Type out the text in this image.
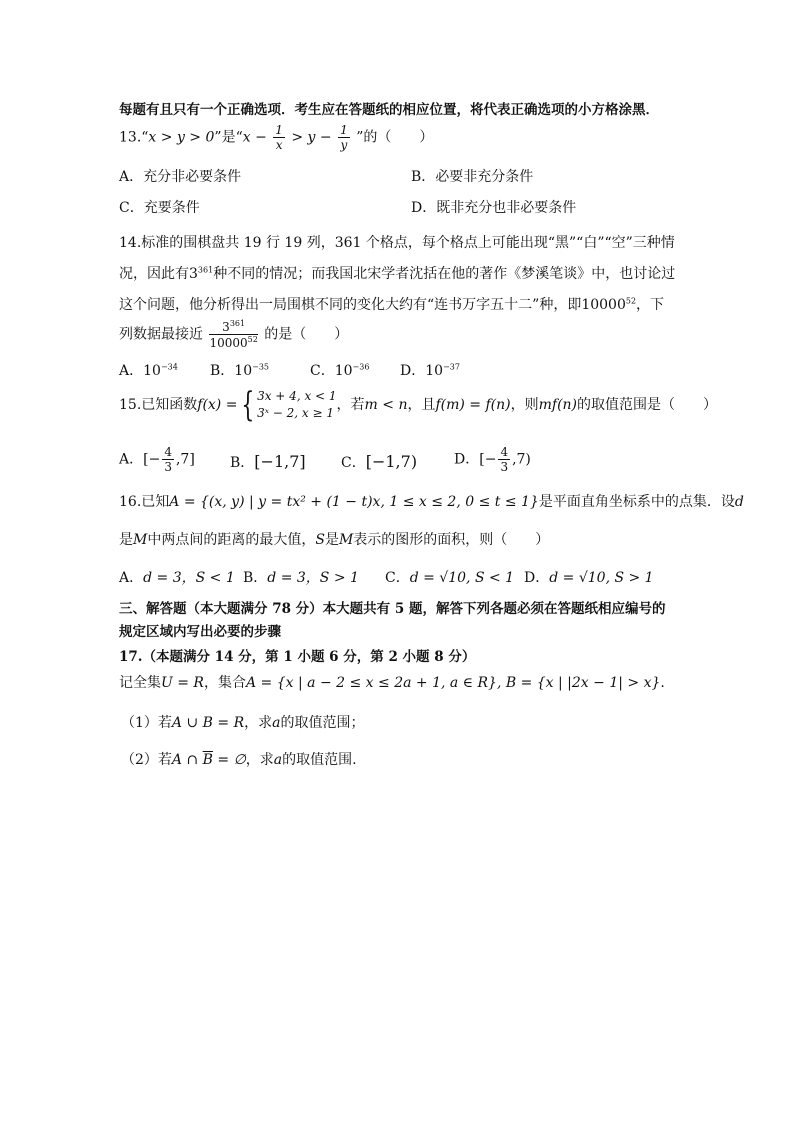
每题有且只有一个正确选项．考生应在答题纸的相应位置，将代表正确选项的小方格涂黑．
13.“x > y > 0”是“$x - \frac{1}{x} > y - \frac{1}{y}$ ”的（　　）
A．充分非必要条件	B．必要非充分条件
C．充要条件	D．既非充分也非必要条件
14.标准的围棋盘共 19 行 19 列，361 个格点，每个格点上可能出现“黑”“白”“空”三种情
况，因此有$3^{361}$种不同的情况；而我国北宋学者沈括在他的著作《梦溪笔谈》中，也讨论过
这个问题，他分析得出一局围棋不同的变化大约有“连书万字五十二”种，即10000$^{52}$，下
列数据最接近 $\frac{3^{361}}{10000^{52}}$ 的是（　　）
A．$10^{-34}$ B．$10^{-35}$	C．$10^{-36}$ D．$10^{-37}$
15.已知函数f(x) = { 3x + 4, x < 1
3ˣ − 2, x ≥ 1 ，若m < n，且f(m) = f(n)，则mf(n)的取值范围是（　　）
A．[− $\frac{4}{3} ,7$]	B．[−1,7]	C．[−1,7)	D．[− $\frac{4}{3} ,7$)
16.已知A = {(x, y) | y = tx² + (1 − t)x, 1 ≤ x ≤ 2, 0 ≤ t ≤ 1}是平面直角坐标系中的点集．设d
是M中两点间的距离的最大值，S是M表示的图形的面积，则（　　）
A．d = 3，S < 1 B．d = 3，S > 1 C．d = √10, S < 1 D．d = √10, S > 1
三、解答题（本大题满分 78 分）本大题共有 5 题，解答下列各题必须在答题纸相应编号的
规定区域内写出必要的步骤
17.（本题满分 14 分，第 1 小题 6 分，第 2 小题 8 分）
记全集U = R，集合A = {x | a − 2 ≤ x ≤ 2a + 1, a ∈ R}, B = {x | |2x − 1| > x}.
（1）若A ∪ B = R，求a的取值范围；
（2）若A ∩ $\overline{B}$ = ∅，求a的取值范围.
